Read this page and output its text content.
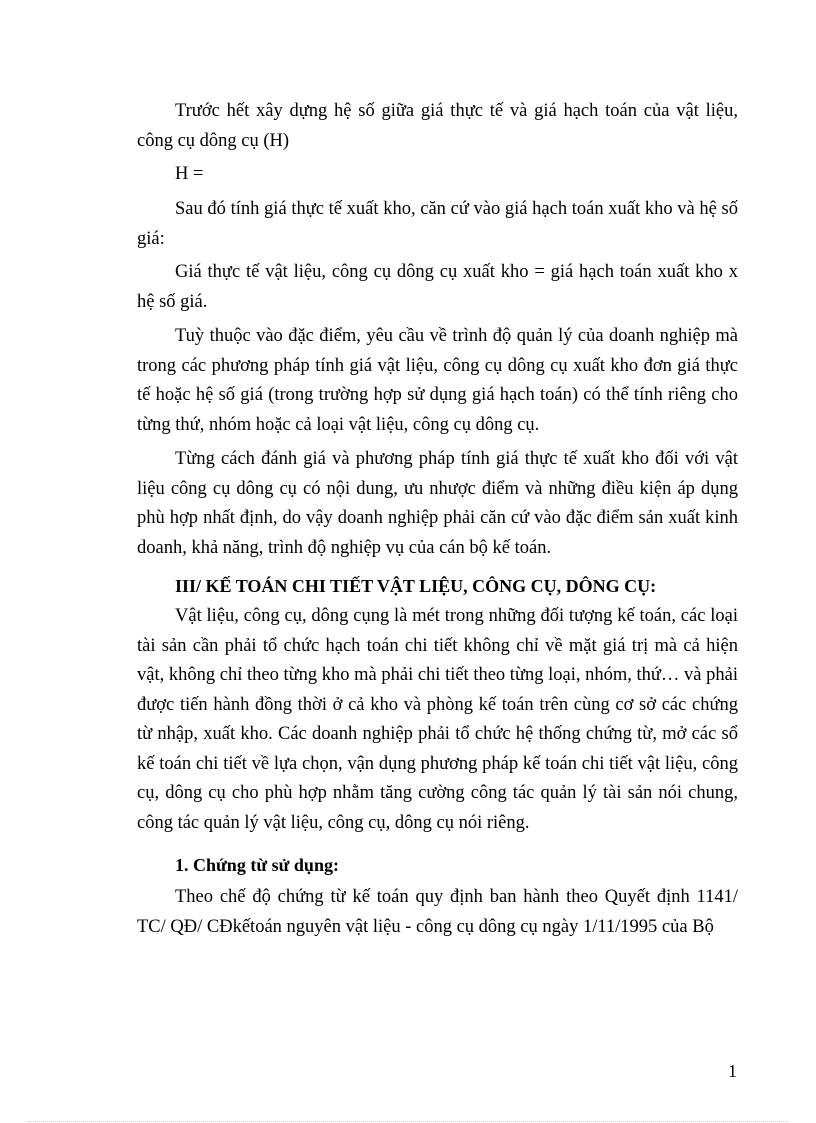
Trước hết xây dựng hệ số giữa giá thực tế và giá hạch toán của vật liệu, công cụ dông cụ (H)

H =

Sau đó tính giá thực tế xuất kho, căn cứ vào giá hạch toán xuất kho và hệ số giá:

Giá thực tế vật liệu, công cụ dông cụ xuất kho = giá hạch toán xuất kho x hệ số giá.

Tuỳ thuộc vào đặc điểm, yêu cầu về trình độ quản lý của doanh nghiệp mà trong các phương pháp tính giá vật liệu, công cụ dông cụ xuất kho đơn giá thực tế hoặc hệ số giá (trong trường hợp sử dụng giá hạch toán) có thể tính riêng cho từng thứ, nhóm hoặc cả loại vật liệu, công cụ dông cụ.

Từng cách đánh giá và phương pháp tính giá thực tế xuất kho đối với vật liệu công cụ dông cụ có nội dung, ưu nhược điểm và những điều kiện áp dụng phù hợp nhất định, do vậy doanh nghiệp phải căn cứ vào đặc điểm sản xuất kinh doanh, khả năng, trình độ nghiệp vụ của cán bộ kế toán.

III/ KẾ TOÁN CHI TIẾT VẬT LIỆU, CÔNG CỤ, DÔNG CỤ:

Vật liệu, công cụ, dông cụng là mét trong những đối tượng kế toán, các loại tài sản cần phải tổ chức hạch toán chi tiết không chỉ về mặt giá trị mà cả hiện vật, không chỉ theo từng kho mà phải chi tiết theo từng loại, nhóm, thứ… và phải được tiến hành đồng thời ở cả kho và phòng kế toán trên cùng cơ sở các chứng từ nhập, xuất kho. Các doanh nghiệp phải tổ chức hệ thống chứng từ, mở các sổ kế toán chi tiết về lựa chọn, vận dụng phương pháp kế toán chi tiết vật liệu, công cụ, dông cụ cho phù hợp nhằm tăng cường công tác quản lý tài sản nói chung, công tác quản lý vật liệu, công cụ, dông cụ nói riêng.

1. Chứng từ sử dụng:

Theo chế độ chứng từ kế toán quy định ban hành theo Quyết định 1141/ TC/ QĐ/ CĐkếtoán nguyên vật liệu - công cụ dông cụ ngày 1/11/1995 của Bộ

1
